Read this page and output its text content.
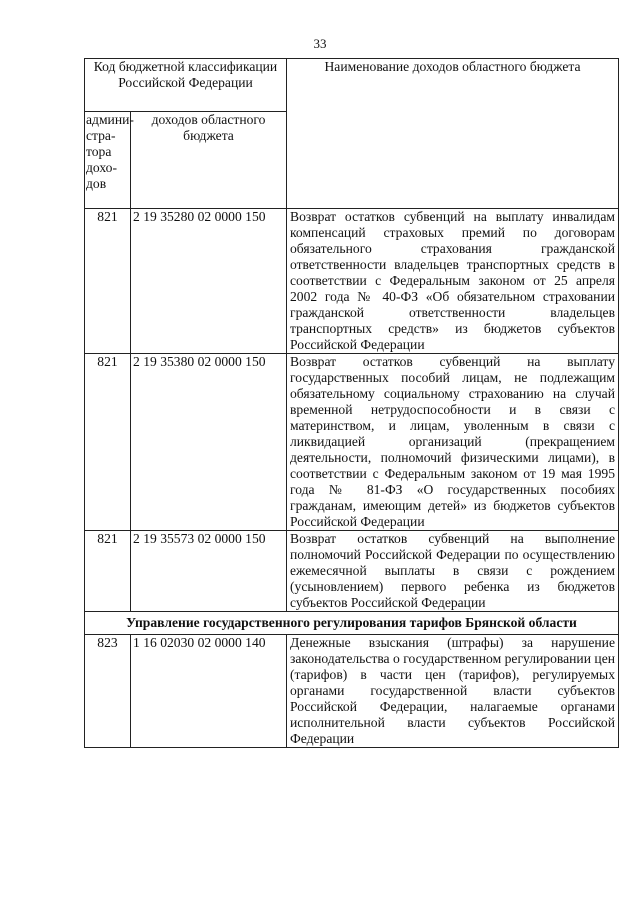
33
Код бюджетной классификации Российской Федерации		Наименование доходов областного бюджета
админи-стра-тора дохо-дов	доходов областного бюджета	
821	2 19 35280 02 0000 150	Возврат остатков субвенций на выплату инвалидам компенсаций страховых премий по договорам обязательного страхования гражданской ответственности владельцев транспортных средств в соответствии с Федеральным законом от 25 апреля 2002 года № 40-ФЗ «Об обязательном страховании гражданской ответственности владельцев транспортных средств» из бюджетов субъектов Российской Федерации
821	2 19 35380 02 0000 150	Возврат остатков субвенций на выплату государственных пособий лицам, не подлежащим обязательному социальному страхованию на случай временной нетрудоспособности и в связи с материнством, и лицам, уволенным в связи с ликвидацией организаций (прекращением деятельности, полномочий физическими лицами), в соответствии с Федеральным законом от 19 мая 1995 года № 81-ФЗ «О государственных пособиях гражданам, имеющим детей» из бюджетов субъектов Российской Федерации
821	2 19 35573 02 0000 150	Возврат остатков субвенций на выполнение полномочий Российской Федерации по осуществлению ежемесячной выплаты в связи с рождением (усыновлением) первого ребенка из бюджетов субъектов Российской Федерации
Управление государственного регулирования тарифов Брянской области		
823	1 16 02030 02 0000 140	Денежные взыскания (штрафы) за нарушение законодательства о государственном регулировании цен (тарифов) в части цен (тарифов), регулируемых органами государственной власти субъектов Российской Федерации, налагаемые органами исполнительной власти субъектов Российской Федерации
